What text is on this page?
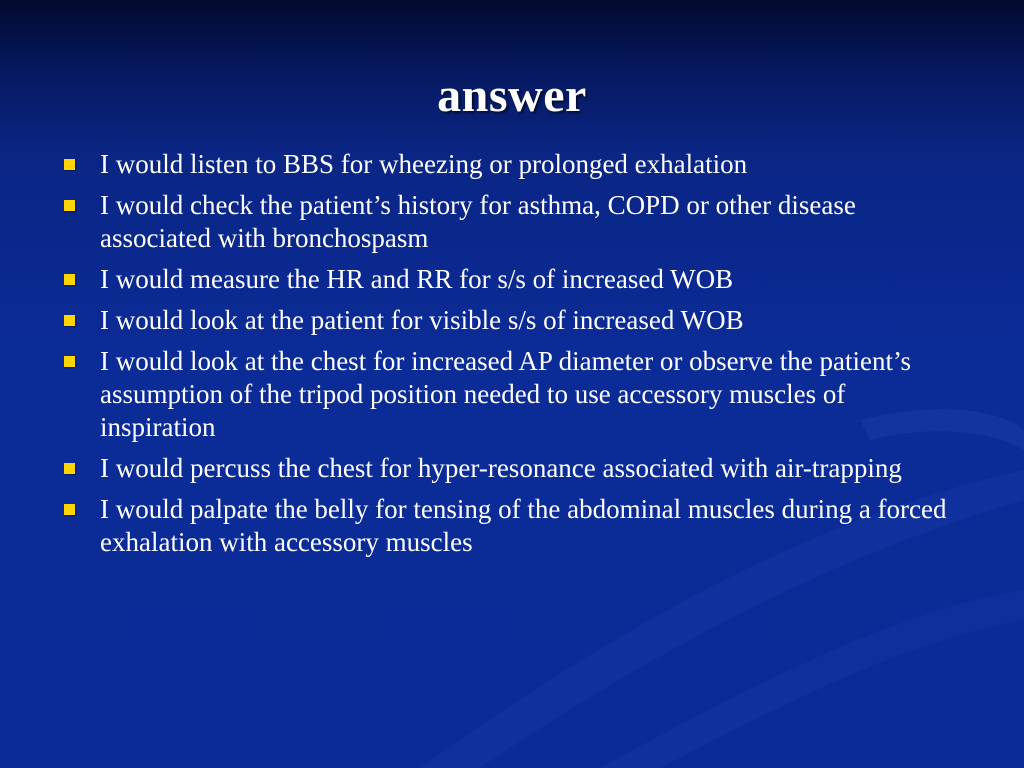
answer
I would listen to BBS for wheezing or prolonged exhalation
I would check the patient’s history for asthma, COPD or other disease associated with bronchospasm
I would measure the HR and RR for s/s of increased WOB
I would look at the patient for visible s/s of increased WOB
I would look at the chest for increased AP diameter or observe the patient’s assumption of the tripod position needed to use accessory muscles of inspiration
I would percuss the chest for hyper-resonance associated with air-trapping
I would palpate the belly for tensing of the abdominal muscles during a forced exhalation with accessory muscles
